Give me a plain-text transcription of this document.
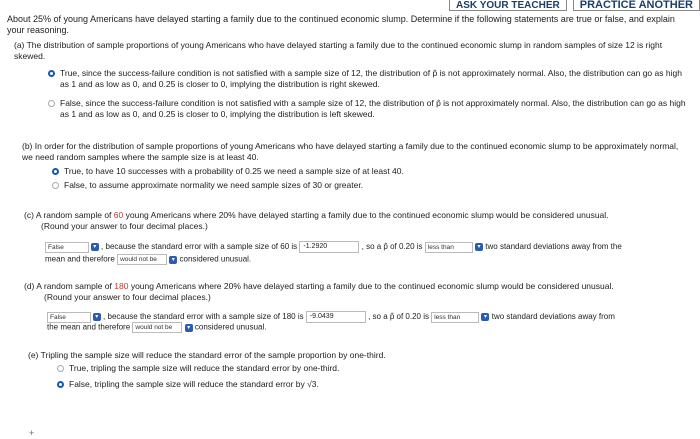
ASK YOUR TEACHER	PRACTICE ANOTHER
About 25% of young Americans have delayed starting a family due to the continued economic slump. Determine if the following statements are true or false, and explain your reasoning.
(a) The distribution of sample proportions of young Americans who have delayed starting a family due to the continued economic slump in random samples of size 12 is right skewed.
True, since the success-failure condition is not satisfied with a sample size of 12, the distribution of p̂ is not approximately normal. Also, the distribution can go as high as 1 and as low as 0, and 0.25 is closer to 0, implying the distribution is right skewed.
False, since the success-failure condition is not satisfied with a sample size of 12, the distribution of p̂ is not approximately normal. Also, the distribution can go as high as 1 and as low as 0, and 0.25 is closer to 0, implying the distribution is left skewed.
(b) In order for the distribution of sample proportions of young Americans who have delayed starting a family due to the continued economic slump to be approximately normal, we need random samples where the sample size is at least 40.
True, to have 10 successes with a probability of 0.25 we need a sample size of at least 40.
False, to assume approximate normality we need sample sizes of 30 or greater.
(c) A random sample of 60 young Americans where 20% have delayed starting a family due to the continued economic slump would be considered unusual.
(Round your answer to four decimal places.)
False	▾ , because the standard error with a sample size of 60 is -1.2920	, so a p̂ of 0.20 is less than	▾ two standard deviations away from the
mean and therefore would not be ▾ considered unusual.
(d) A random sample of 180 young Americans where 20% have delayed starting a family due to the continued economic slump would be considered unusual.
(Round your answer to four decimal places.)
False	▾ , because the standard error with a sample size of 180 is -9.0439	, so a p̂ of 0.20 is less than	▾ two standard deviations away from
the mean and therefore would not be ▾ considered unusual.
(e) Tripling the sample size will reduce the standard error of the sample proportion by one-third.
True, tripling the sample size will reduce the standard error by one-third.
False, tripling the sample size will reduce the standard error by √3.
+
